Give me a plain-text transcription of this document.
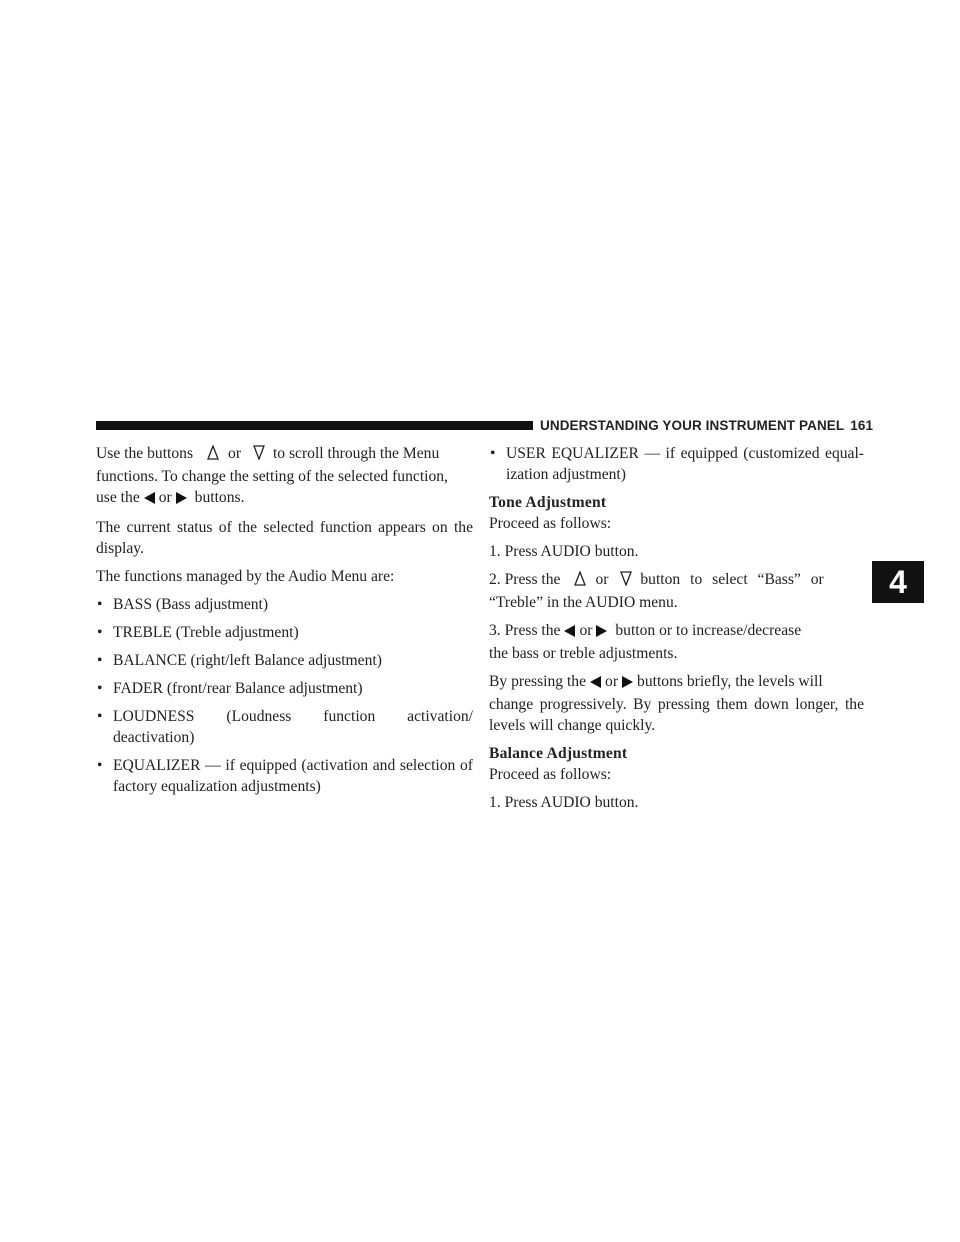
UNDERSTANDING YOUR INSTRUMENT PANEL 161
4

Use the buttons or to scroll through the Menu
functions. To change the setting of the selected function,
use the or buttons.

The current status of the selected function appears on the display.

The functions managed by the Audio Menu are:

• BASS (Bass adjustment)
• TREBLE (Treble adjustment)
• BALANCE (right/left Balance adjustment)
• FADER (front/rear Balance adjustment)
• LOUDNESS (Loudness function activation/ deactivation)
• EQUALIZER — if equipped (activation and selection of factory equalization adjustments)
• USER EQUALIZER — if equipped (customized equal-ization adjustment)

Tone Adjustment

Proceed as follows:

1. Press AUDIO button.

2. Press the or button to select “Bass” or
“Treble” in the AUDIO menu.

3. Press the or button or to increase/decrease
the bass or treble adjustments.

By pressing the or buttons briefly, the levels will
change progressively. By pressing them down longer, the levels will change quickly.

Balance Adjustment

Proceed as follows:

1. Press AUDIO button.
